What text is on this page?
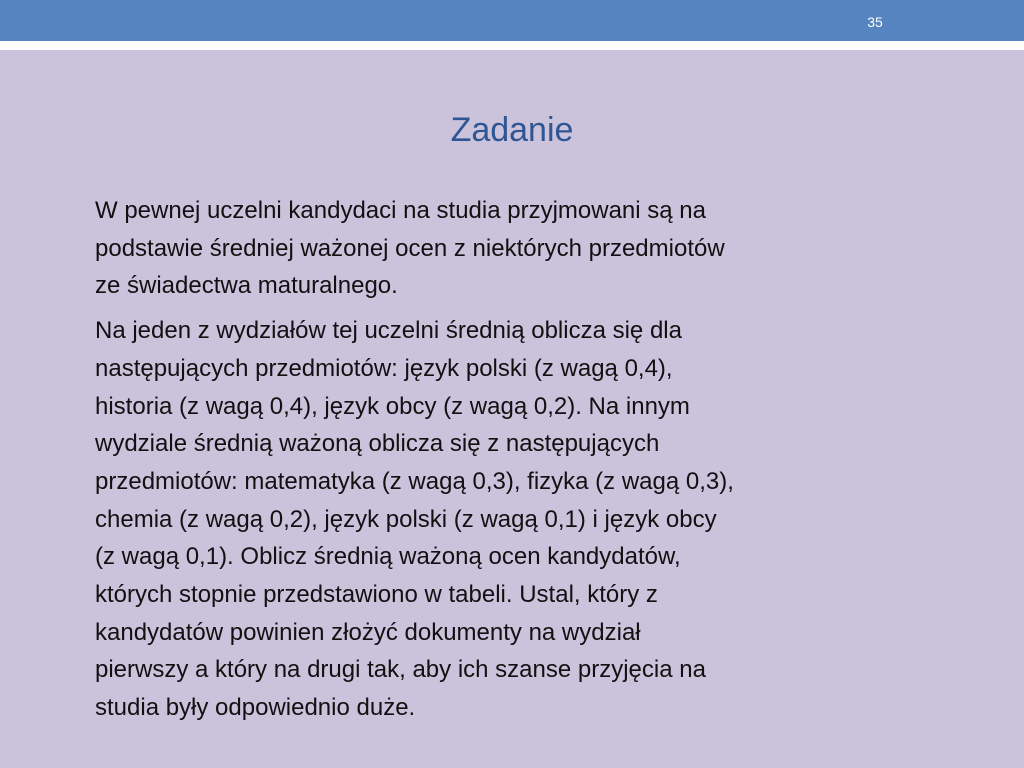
35
Zadanie

W pewnej uczelni kandydaci na studia przyjmowani są na
podstawie średniej ważonej ocen z niektórych przedmiotów
ze świadectwa maturalnego.

Na jeden z wydziałów tej uczelni średnią oblicza się dla
następujących przedmiotów: język polski (z wagą 0,4),
historia (z wagą 0,4), język obcy (z wagą 0,2). Na innym
wydziale średnią ważoną oblicza się z następujących
przedmiotów: matematyka (z wagą 0,3), fizyka (z wagą 0,3),
chemia (z wagą 0,2), język polski (z wagą 0,1) i język obcy
(z wagą 0,1). Oblicz średnią ważoną ocen kandydatów,
których stopnie przedstawiono w tabeli. Ustal, który z
kandydatów powinien złożyć dokumenty na wydział
pierwszy a który na drugi tak, aby ich szanse przyjęcia na
studia były odpowiednio duże.
